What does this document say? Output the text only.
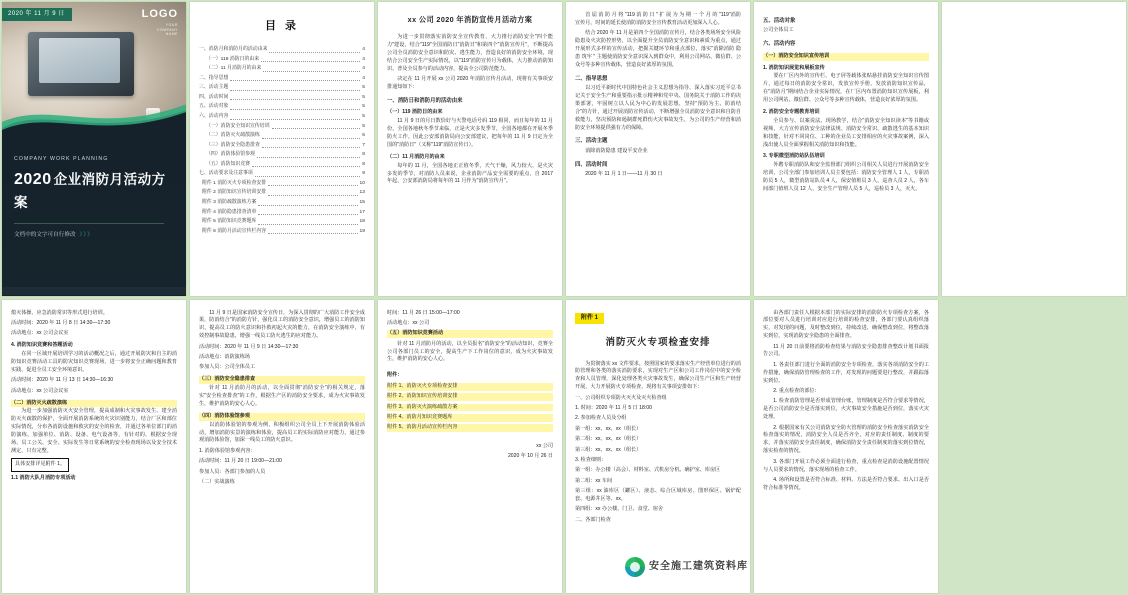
2020 年 11 月 9 日	LOGO
YOUR
COMPANY
NAME
COMPANY WORK PLANNING
2020 企业消防月活动方案
文档中的文字可自行修改 》》》
目 录
一、消防月和消防月的活动由来	4
（一）119 消防日的由来	4
（二）11 月消防月的由来	4
二、指导思想	4
三、活动主题	5
四、活动时间	5
五、活动对象	5
六、活动内容	5
（一）消防安全知识宣传培训	5
（二）消防灭火疏散演练	6
（三）消防安全隐患排查	7
（四）消防体验馆参观	8
（五）消防知识竞赛	8
七、活动要求及注意事项	9
附件 1 消防灭火专项检查安排	10
附件 2 消防知识宣传培训安排	13
附件 3 消防疏散演练方案	15
附件 4 消防隐患排查清单	17
附件 5 消防知识竞赛题库	18
附件 6 消防月活动宣传栏内容	19
xx 公司 2020 年消防宣传月活动方案

为进一步贯彻落实消防安全宣传教育，大力推行消防安全"四个能力"建设，结合"119"全国消防日"消防日"和第四个"消防宣传月"，不断提高公司全员消防安全意识和防灾、逃生能力，营造良好的消防安全环境，现结合公司安全生产实际情况，以"119"消防宣传月为载体，大力推动消防知识、普及全员参与的活动内容，提高全公司防范能力。

决定在 11 月开展 xx 公司 2020 年消防宣传月活动，现将有关事项安排通知如下：

一、消防日和消防月的活动由来
（一）119 消防日的由来

11 月 9 日的月日数恰好与火警电话号码 119 相同，而且每年的 11 月份，全国各地秋冬季节来临，正是火灾多发季节，全国各地都在开展冬季防火工作。因此公安部消防局向公安部建议，把每年的 11 月 9 日定为全国的"消防日"（又称"119"消防宣传日）。

（二）11 月消防月的由来

每年的 11 月，全国各地正正值冬季，天气干燥，风力较大，是火灾多发的季节，对消防人员来说，企业消防产品安全需要的重点，自 2017 年起，公安部消防局将每年的 11 月作为"消防宣传月"。

首 届 消 防 月 将 "119 消 防 日 " 扩 展 为 为 期 一 个 月 的 "119"消防宣传月，时间的延长使消防消防安全宣传教育活动更加深入人心。

结合 2020 年 11 月是第四个全国消防宣传月，结合各类场所安全风险隐患及火灾防控形势，以全面提升全员消防安全意识和素质为重点，通过开展形式多样的宣传活动，把握关键环节和重点部位，落实"消除消防 隐患 筑牢 " 主题使消防安全意识深入到群众中，利用公司网站、微信群、公众号等多种宣传载体，营造良好浓厚的氛围。

二、指导思想

以习近平新时代中国特色社会主义思想为指导，深入落实习近平总书记关于安全生产和重要指示批示精神和党中央、国务院关于消防工作的决策部署，牢固树立以人民为中心的发展思想，坚持"预防为主、防消结合"的方针，通过开展消防宣传活动，不断增强全员消防安全意识和自防自救能力，坚决预防和遏制群死群伤火灾事故发生，为公司的生产经营和消防安全环境提供强有力的保障。

三、活动主题

消除消防隐患 建设平安企业

四、活动时间

2020 年 11 月 1 日——11 月 30 日

五、活动对象

公司全体员工

六、活动内容
（一）消防安全知识宣传培训
1. 消防知识展览和展板宣传

要在厂区内外的宣传栏、电子屏等载体张贴悬挂消防安全知识宣传图片，通过每日的消防安全常识，发放宣传手册，发放消防知识宣传品，在"消防月"期间结合企业实际情况，在厂区内布置消防知识宣传展板，利用公司网站、微信群、公众号等多种宣传载体，营造良好浓厚的氛围。

2. 消防安全专题教育培训

全员参与、以案说法、现场教学，结合"消防安全知识读本"等书籍或视频，大力宣传消防安全法律法规、消防安全常识、疏散逃生的基本知识和技能，针对不同岗位、工种的企业员工安排相应的火灾事故案例，深入浅出使人员全面掌握相关消防知识和技能。

3. 专职微型消防站队伍培训

外聘专职消防队和安全监督部门组织公司相关人员进行开展消防安全培训，公司全部门参加培训人员主要包括：消防安全管理人 1 人，专职消防员 5 人，微型消防站队员 4 人，保安值班员 3 人，巡查人员 2 人，各车间部门值班人员 12 人，安全生产管理人员 5 人，巡检员 3 人，灭火。

熄灭体操、应急消防常识等形式进行培训。

活动时间：2020 年 11 月 8 日 14:30—17:30

活动地点：xx 公司会议室

4. 消防知识竞赛和答题活动

在同一区域开展培训学习的活动概况之后，通过开展防灾和自主的消防知识竞赛活动工具的防灾知识竞赛现场，进一步将安全正确问题和教育实践，促进全员工安全环境意识。

活动时间：2020 年 11 月 13 日 14:30—16:30

活动地点：xx 公司会议室

（二）消防灭火疏散演练

为进一步加强消防灭火安全管理，提高成制和火灾事故发生、建全消防灭火疏散的保护，全面开展消防系统的火灾识别能力，结合厂区和部位实际情况，分布各消防设施和救灾的安全的检查，并通过各单位部门的消防演练，加强单位、消防、设备、电气设备等，有针对的、根据安全现场、员工公关、安全、实际发生等日常系统的安全检查现场以及安全技术测定，只有完整。

具体安排详见附件 1。

1.1 消防大队月消防专项活动

11 月 9 日是国家消防安全宣传日，为深入贯彻的广大消防工作安全成果，防消结合"的消防方针，强化员工的消防安全意识，增强员工的消防知识，提高员工的防火意识和扑救初起火灾的能力，在消防安全演练中，有效控制事故隐患，增强一线员工防火逃生的应对能力。

活动时间：2020 年 11 月 9 日 14:30—17:30

活动地点：消防演练场

参加人员：公司全体员工

（三）消防安全隐患排查

针对 11 月消防月的活动，以全面贯彻"消防安全"的相关规定，落实"安全检查排查"的工作，根据生产区的消防安全要求，成为火灾事故发生，维护消防的安心人心。

（四）消防体验馆参观

以消防体验馆的参观为例，积极组织公司全员上下开展消防体验活动，增加消防实景的演练和体验，提高员工的实际消防应对能力，通过参观消防体验馆，加深一线员工的防火意识。

1. 消防体验馆参观内容：

活动时间：11 月 20 日 19:00—21:00

参加人员：各部门参加的人员

（二）实战演练

时间：11 月 26 日 15:00—17:00

活动地点：xx 公司

（五）消防知识竞赛活动

针对 11 月消防月的活动，以全员报名"消防安全"的活动知识，竞赛全公司各部门员工的安全，提高生产下工作岗位的意识，成为火灾事故发生，维护消防的安心人心。

附件：

附件 1、消防灭火专项检查安排

附件 2、消防知识宣传培训安排

附件 3、消防灭火演练疏散方案

附件 4、消防月知识竞赛题库

附件 5、消防月活动宣传栏内容

xx 公司
2020 年 10 月 26 日
附件 1
消防灭火专项检查安排

为贯彻落实 xx 文件要求，按照国家的要求落实生产经营单位进行的消防管理和各类的落实消防要求，实现对生产区和公司工作岗位中的安全检查和人员管理，深化处理各类火灾事故发生，确保公司生产区和生产经营开展，大力开展防火专项检查，现将有关事项安排如下：

一、公司组织专项防火灭火及灭火检查组

1. 时间：2020 年 11 月 5 日 18:00

2. 参加检查人员及分组

第一组：xx、xx、xx（组长）

第二组：xx、xx、xx（组长）

第三组：xx、xx、xx（组长）

3. 检查细则：

第一组：办公楼（高会）、材料室、式机房分机、确护室、库房区

第二组：xx 车间

第三组：xx 油库区（罐区）、液态、综合区域库房、图形保区、锅炉配套、电源井区等、xx。

第四组：xx 办公楼、门卫、食堂、宿舍

二、各部门检查

安全施工建筑资料库

由各部门责任人根据本部门的实际安排的消防防火专项检查方案，各部位要对人员进行培训对应进行培训的检查安排，各部门要认真组织落实，对发现的问题，及时整改到位，持续改进、确保整改到位，将整改落实到位，实现消防安全隐患的全面排查。

11 月 20 日前要将消防检查结果与消防安全隐患排查整改计划书面报告公司。

1. 各责任部门进行全面的消防安全专项检查，落实各项消防安全的工作措施，确保消防管理检查的工作，对发现的问题要进行整改，并跟踪落实到位。

2. 重点检查的部位：

1. 检查消防管理是否形成管理台账，管理制度是否符合要求等情况，是否公司消防安全是否落实到位，火灾事故安全措施是否到位，落实火灾处理。

2. 根据国家有关公司消防安全防火管理的消防安全检查落实消防安全检查落实的情况，消防安全人员是否齐全，对应的责任制度、制度的要求，并落实消防安全责任制度，确保消防安全责任制度的落实到位情况，落实检查的情况。

3. 各部门开展工作必须全面进行检查，重点检查是消防设施配置情况与人员要求的情况，落实现场的检查工作。

4. 场所和设置是否符合标准、材料、方法是否符合要求、出入口是否符合标准等情况。
